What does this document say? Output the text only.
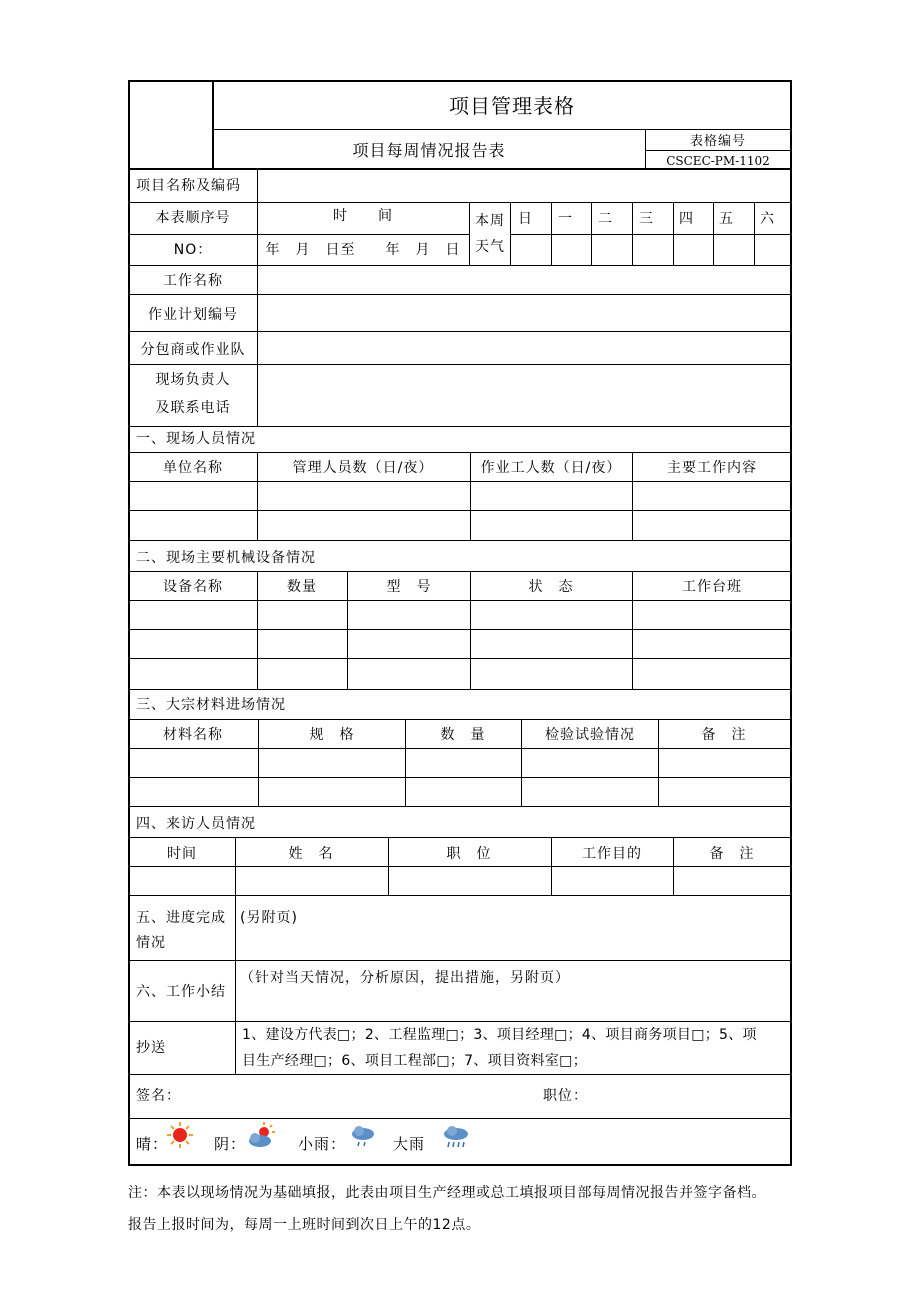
项目管理表格
项目每周情况报告表	表格编号
CSCEC-PM-1102
项目名称及编码
本表顺序号	时　　间
NO：	年　月　日至　　年　月　日
本周
天气
日 一 二 三 四 五 六
工作名称
作业计划编号
分包商或作业队
现场负责人
及联系电话
一、现场人员情况
单位名称	管理人员数（日/夜）	作业工人数（日/夜）	主要工作内容
二、现场主要机械设备情况
设备名称	数量	型　号	状　态	工作台班
三、大宗材料进场情况
材料名称	规　格	数　量	检验试验情况	备　注
四、来访人员情况
时间	姓　名	职　位	工作目的	备　注
五、进度完成
情况
(另附页)
六、工作小结
（针对当天情况，分析原因，提出措施，另附页）
抄送
1、建设方代表□；2、工程监理□；3、项目经理□；4、项目商务项目□；5、项
目生产经理□；6、项目工程部□；7、项目资料室□；
签名：	职位：
晴：	阴：	小雨：	大雨
注：本表以现场情况为基础填报，此表由项目生产经理或总工填报项目部每周情况报告并签字备档。
报告上报时间为，每周一上班时间到次日上午的12点。
